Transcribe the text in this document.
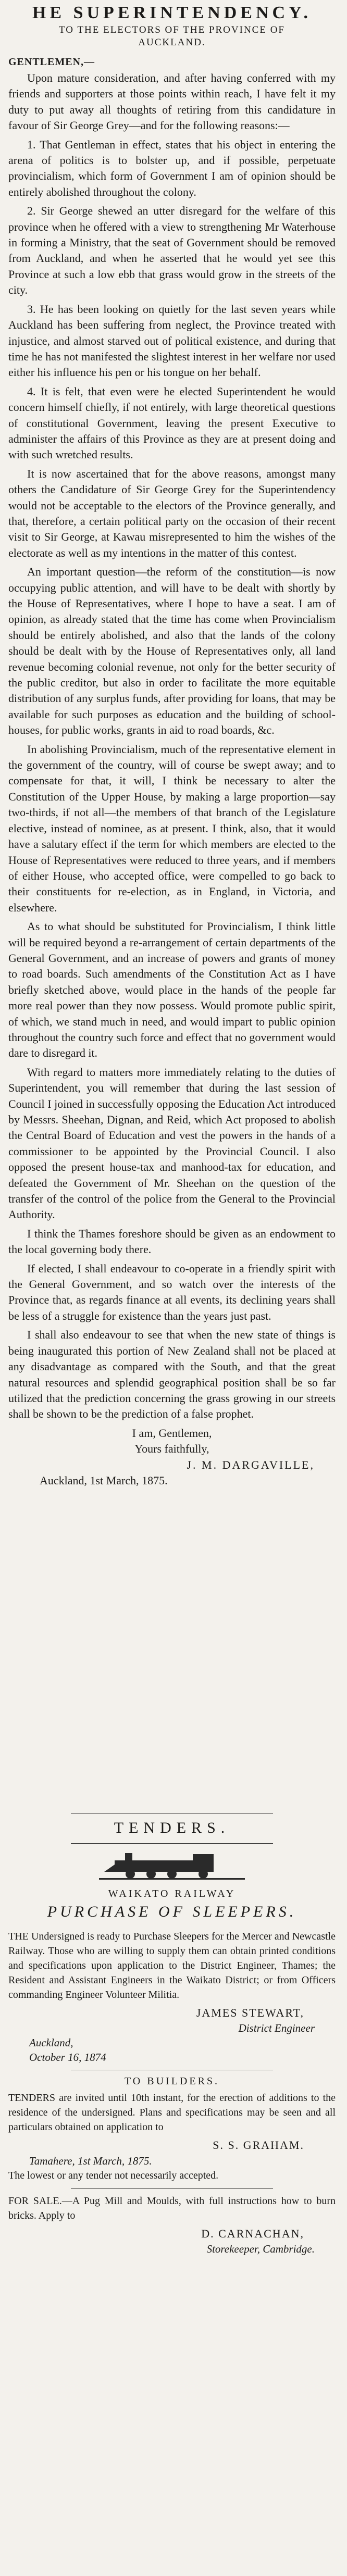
HE SUPERINTENDENCY.
TO THE ELECTORS OF THE PROVINCE OF
AUCKLAND.
GENTLEMEN,—

Upon mature consideration, and after having conferred with my friends and supporters at those points within reach, I have felt it my duty to put away all thoughts of retiring from this candidature in favour of Sir George Grey—and for the following reasons:—

1. That Gentleman in effect, states that his object in entering the arena of politics is to bolster up, and if possible, perpetuate provincialism, which form of Government I am of opinion should be entirely abolished throughout the colony.

2. Sir George shewed an utter disregard for the welfare of this province when he offered with a view to strengthening Mr Waterhouse in forming a Ministry, that the seat of Government should be removed from Auckland, and when he asserted that he would yet see this Province at such a low ebb that grass would grow in the streets of the city.

3. He has been looking on quietly for the last seven years while Auckland has been suffering from neglect, the Province treated with injustice, and almost starved out of political existence, and during that time he has not manifested the slightest interest in her welfare nor used either his influence his pen or his tongue on her behalf.

4. It is felt, that even were he elected Superintendent he would concern himself chiefly, if not entirely, with large theoretical questions of constitutional Government, leaving the present Executive to administer the affairs of this Province as they are at present doing and with such wretched results.

It is now ascertained that for the above reasons, amongst many others the Candidature of Sir George Grey for the Superintendency would not be acceptable to the electors of the Province generally, and that, therefore, a certain political party on the occasion of their recent visit to Sir George, at Kawau misrepresented to him the wishes of the electorate as well as my intentions in the matter of this contest.

An important question—the reform of the constitution—is now occupying public attention, and will have to be dealt with shortly by the House of Representatives, where I hope to have a seat. I am of opinion, as already stated that the time has come when Provincialism should be entirely abolished, and also that the lands of the colony should be dealt with by the House of Representatives only, all land revenue becoming colonial revenue, not only for the better security of the public creditor, but also in order to facilitate the more equitable distribution of any surplus funds, after providing for loans, that may be available for such purposes as education and the building of school-houses, for public works, grants in aid to road boards, &c.

In abolishing Provincialism, much of the representative element in the government of the country, will of course be swept away; and to compensate for that, it will, I think be necessary to alter the Constitution of the Upper House, by making a large proportion—say two-thirds, if not all—the members of that branch of the Legislature elective, instead of nominee, as at present. I think, also, that it would have a salutary effect if the term for which members are elected to the House of Representatives were reduced to three years, and if members of either House, who accepted office, were compelled to go back to their constituents for re-election, as in England, in Victoria, and elsewhere.

As to what should be substituted for Provincialism, I think little will be required beyond a re-arrangement of certain departments of the General Government, and an increase of powers and grants of money to road boards. Such amendments of the Constitution Act as I have briefly sketched above, would place in the hands of the people far more real power than they now possess. Would promote public spirit, of which, we stand much in need, and would impart to public opinion throughout the country such force and effect that no government would dare to disregard it.

With regard to matters more immediately relating to the duties of Superintendent, you will remember that during the last session of Council I joined in successfully opposing the Education Act introduced by Messrs. Sheehan, Dignan, and Reid, which Act proposed to abolish the Central Board of Education and vest the powers in the hands of a commissioner to be appointed by the Provincial Council. I also opposed the present house-tax and manhood-tax for education, and defeated the Government of Mr. Sheehan on the question of the transfer of the control of the police from the General to the Provincial Authority.

I think the Thames foreshore should be given as an endowment to the local governing body there.

If elected, I shall endeavour to co-operate in a friendly spirit with the General Government, and so watch over the interests of the Province that, as regards finance at all events, its declining years shall be less of a struggle for existence than the years just past.

I shall also endeavour to see that when the new state of things is being inaugurated this portion of New Zealand shall not be placed at any disadvantage as compared with the South, and that the great natural resources and splendid geographical position shall be so far utilized that the prediction concerning the grass growing in our streets shall be shown to be the prediction of a false prophet.

I am, Gentlemen,
Yours faithfully,
J. M. DARGAVILLE,
Auckland, 1st March, 1875.
TENDERS.
WAIKATO RAILWAY
PURCHASE OF SLEEPERS.

THE Undersigned is ready to Purchase Sleepers for the Mercer and Newcastle Railway. Those who are willing to supply them can obtain printed conditions and specifications upon application to the District Engineer, Thames; the Resident and Assistant Engineers in the Waikato District; or from Officers commanding Engineer Volunteer Militia.

JAMES STEWART,
District Engineer
Auckland,
October 16, 1874
TO BUILDERS.

TENDERS are invited until 10th instant, for the erection of additions to the residence of the undersigned. Plans and specifications may be seen and all particulars obtained on application to

S. S. GRAHAM.
Tamahere, 1st March, 1875.

The lowest or any tender not necessarily accepted.

FOR SALE.—A Pug Mill and Moulds, with full instructions how to burn bricks. Apply to

D. CARNACHAN,
Storekeeper, Cambridge.
